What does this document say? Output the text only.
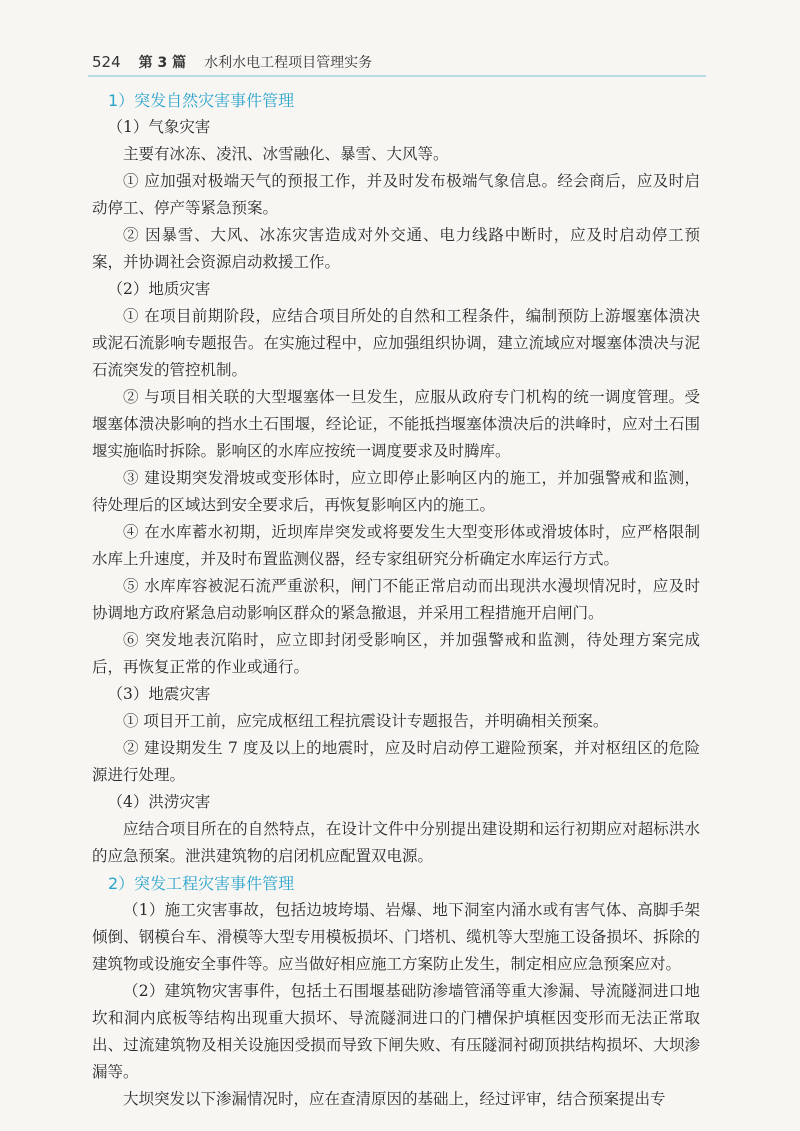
524 第 3 篇 水利水电工程项目管理实务
1）突发自然灾害事件管理

（1）气象灾害

主要有冰冻、凌汛、冰雪融化、暴雪、大风等。

① 应加强对极端天气的预报工作，并及时发布极端气象信息。经会商后，应及时启动停工、停产等紧急预案。

② 因暴雪、大风、冰冻灾害造成对外交通、电力线路中断时，应及时启动停工预案，并协调社会资源启动救援工作。

（2）地质灾害

① 在项目前期阶段，应结合项目所处的自然和工程条件，编制预防上游堰塞体溃决或泥石流影响专题报告。在实施过程中，应加强组织协调，建立流域应对堰塞体溃决与泥石流突发的管控机制。

② 与项目相关联的大型堰塞体一旦发生，应服从政府专门机构的统一调度管理。受堰塞体溃决影响的挡水土石围堰，经论证，不能抵挡堰塞体溃决后的洪峰时，应对土石围堰实施临时拆除。影响区的水库应按统一调度要求及时腾库。

③ 建设期突发滑坡或变形体时，应立即停止影响区内的施工，并加强警戒和监测，待处理后的区域达到安全要求后，再恢复影响区内的施工。

④ 在水库蓄水初期，近坝库岸突发或将要发生大型变形体或滑坡体时，应严格限制水库上升速度，并及时布置监测仪器，经专家组研究分析确定水库运行方式。

⑤ 水库库容被泥石流严重淤积，闸门不能正常启动而出现洪水漫坝情况时，应及时协调地方政府紧急启动影响区群众的紧急撤退，并采用工程措施开启闸门。

⑥ 突发地表沉陷时，应立即封闭受影响区，并加强警戒和监测，待处理方案完成后，再恢复正常的作业或通行。

（3）地震灾害

① 项目开工前，应完成枢纽工程抗震设计专题报告，并明确相关预案。

② 建设期发生 7 度及以上的地震时，应及时启动停工避险预案，并对枢纽区的危险源进行处理。

（4）洪涝灾害

应结合项目所在的自然特点，在设计文件中分别提出建设期和运行初期应对超标洪水的应急预案。泄洪建筑物的启闭机应配置双电源。

2）突发工程灾害事件管理

（1）施工灾害事故，包括边坡垮塌、岩爆、地下洞室内涌水或有害气体、高脚手架倾倒、钢模台车、滑模等大型专用模板损坏、门塔机、缆机等大型施工设备损坏、拆除的建筑物或设施安全事件等。应当做好相应施工方案防止发生，制定相应应急预案应对。

（2）建筑物灾害事件，包括土石围堰基础防渗墙管涌等重大渗漏、导流隧洞进口地坎和洞内底板等结构出现重大损坏、导流隧洞进口的门槽保护填框因变形而无法正常取出、过流建筑物及相关设施因受损而导致下闸失败、有压隧洞衬砌顶拱结构损坏、大坝渗漏等。

大坝突发以下渗漏情况时，应在查清原因的基础上，经过评审，结合预案提出专
